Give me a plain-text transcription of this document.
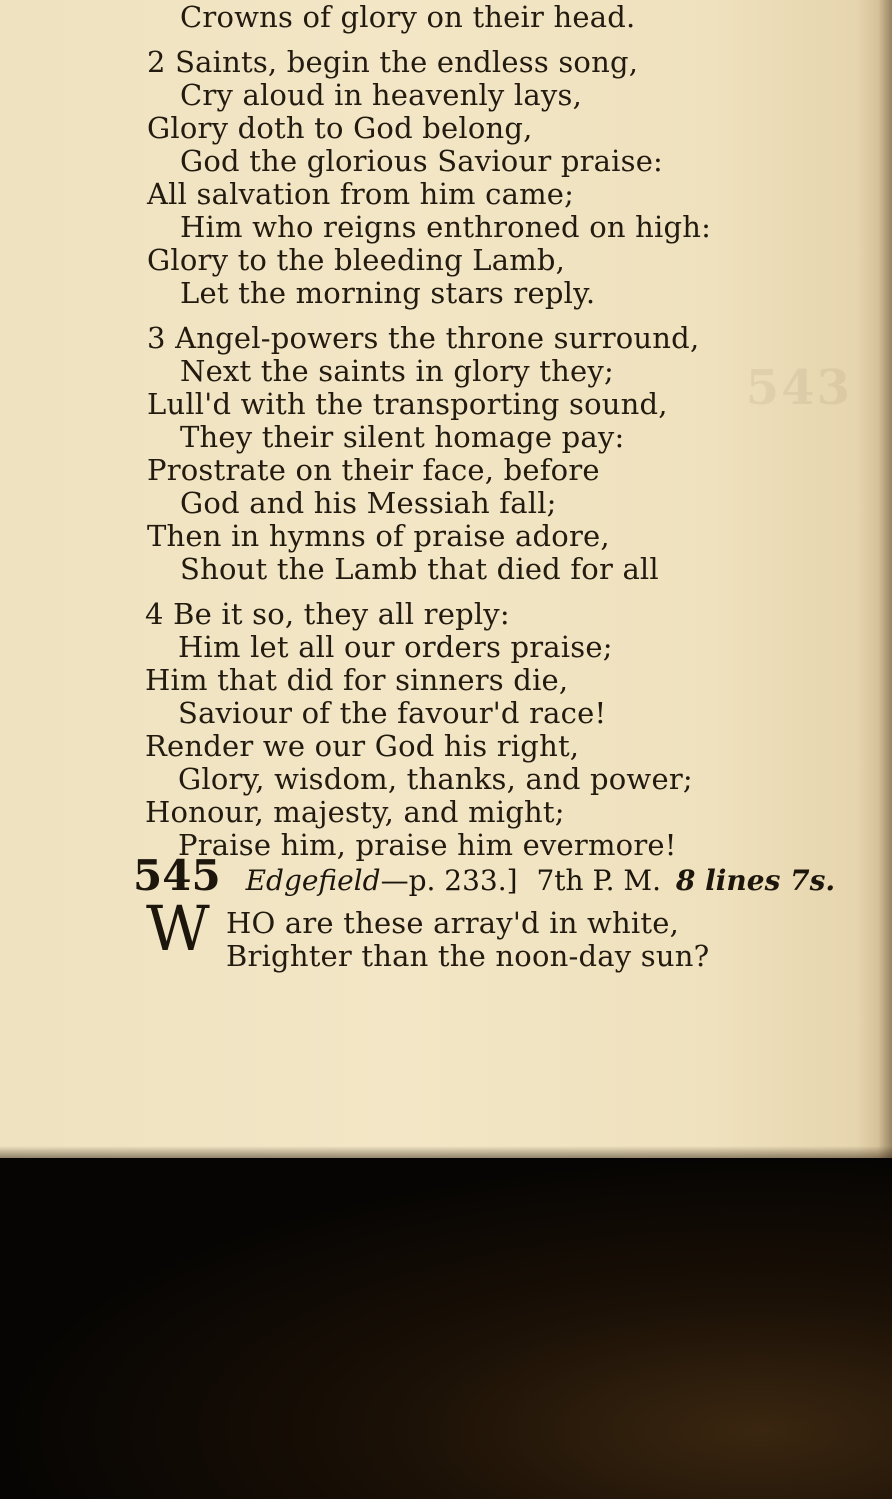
543
Crowns of glory on their head.
2 Saints, begin the endless song,
Cry aloud in heavenly lays,
Glory doth to God belong,
God the glorious Saviour praise:
All salvation from him came;
Him who reigns enthroned on high:
Glory to the bleeding Lamb,
Let the morning stars reply.
3 Angel-powers the throne surround,
Next the saints in glory they;
Lull'd with the transporting sound,
They their silent homage pay:
Prostrate on their face, before
God and his Messiah fall;
Then in hymns of praise adore,
Shout the Lamb that died for all
4 Be it so, they all reply:
Him let all our orders praise;
Him that did for sinners die,
Saviour of the favour'd race!
Render we our God his right,
Glory, wisdom, thanks, and power;
Honour, majesty, and might;
Praise him, praise him evermore!
545 Edgefield—p. 233.] 7th P. M. 8 lines 7s.
W HO are these array'd in white,
Brighter than the noon-day sun?
